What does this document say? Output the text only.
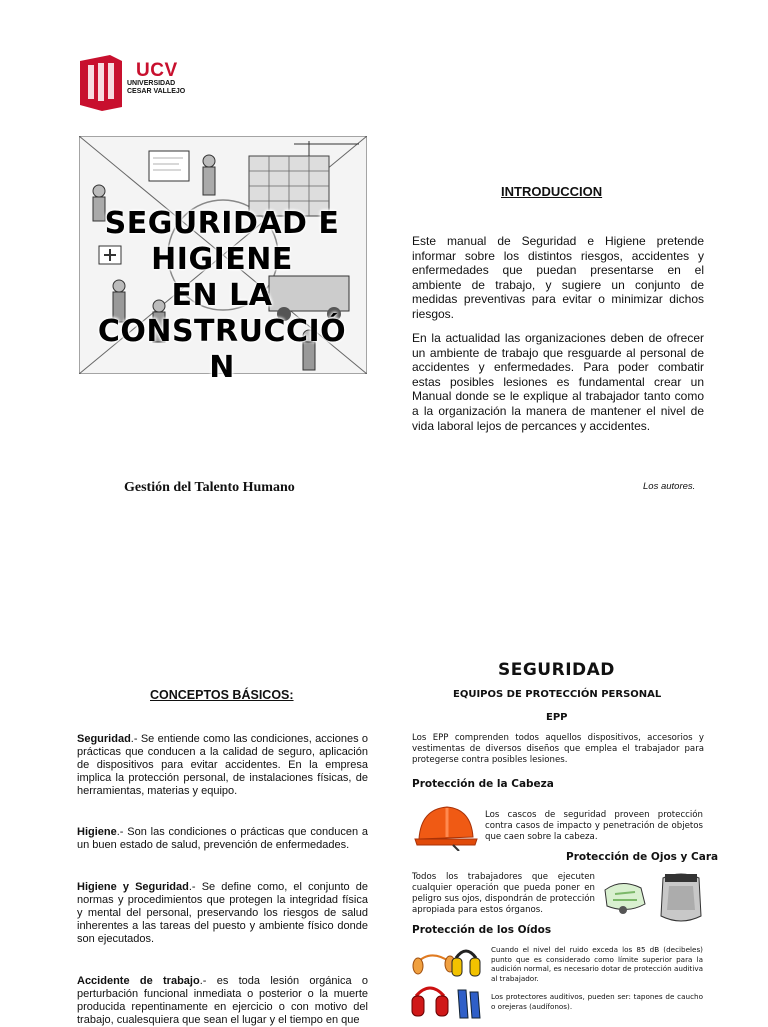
UCV
UNIVERSIDAD
CESAR VALLEJO
SEGURIDAD E
HIGIENE
EN LA
CONSTRUCCIÓ
N
Gestión del Talento Humano
INTRODUCCION

Este manual de Seguridad e Higiene pretende informar sobre los distintos riesgos, accidentes y enfermedades que puedan presentarse en el ambiente de trabajo, y sugiere un conjunto de medidas preventivas para evitar o minimizar dichos riesgos.

En la actualidad las organizaciones deben de ofrecer un ambiente de trabajo que resguarde al personal de accidentes y enfermedades. Para poder combatir estas posibles lesiones es fundamental crear un Manual donde se le explique al trabajador tanto como a la organización la manera de mantener el nivel de vida laboral lejos de percances y accidentes.

Los autores.
CONCEPTOS BÁSICOS:

Seguridad.- Se entiende como las condiciones, acciones o prácticas que conducen a la calidad de seguro, aplicación de dispositivos para evitar accidentes. En la empresa implica la protección personal, de instalaciones físicas, de herramientas, materias y equipo.

Higiene.- Son las condiciones o prácticas que conducen a un buen estado de salud, prevención de enfermedades.

Higiene y Seguridad.- Se define como, el conjunto de normas y procedimientos que protegen la integridad física y mental del personal, preservando los riesgos de salud inherentes a las tareas del puesto y ambiente físico donde son ejecutados.

Accidente de trabajo.- es toda lesión orgánica o perturbación funcional inmediata o posterior o la muerte producida repentinamente en ejercicio o con motivo del trabajo, cualesquiera que sean el lugar y el tiempo en que

SEGURIDAD
EQUIPOS DE PROTECCIÓN PERSONAL
EPP

Los EPP comprenden todos aquellos dispositivos, accesorios y vestimentas de diversos diseños que emplea el trabajador para protegerse contra posibles lesiones.

Protección de la Cabeza

Los cascos de seguridad proveen protección contra casos de impacto y penetración de objetos que caen sobre la cabeza.

Protección de Ojos y Cara

Todos los trabajadores que ejecuten cualquier operación que pueda poner en peligro sus ojos, dispondrán de protección apropiada para estos órganos.

Protección de los Oídos

Cuando el nivel del ruido exceda los 85 dB (decibeles) punto que es considerado como límite superior para la audición normal, es necesario dotar de protección auditiva al trabajador.

Los protectores auditivos, pueden ser: tapones de caucho o orejeras (audífonos).
